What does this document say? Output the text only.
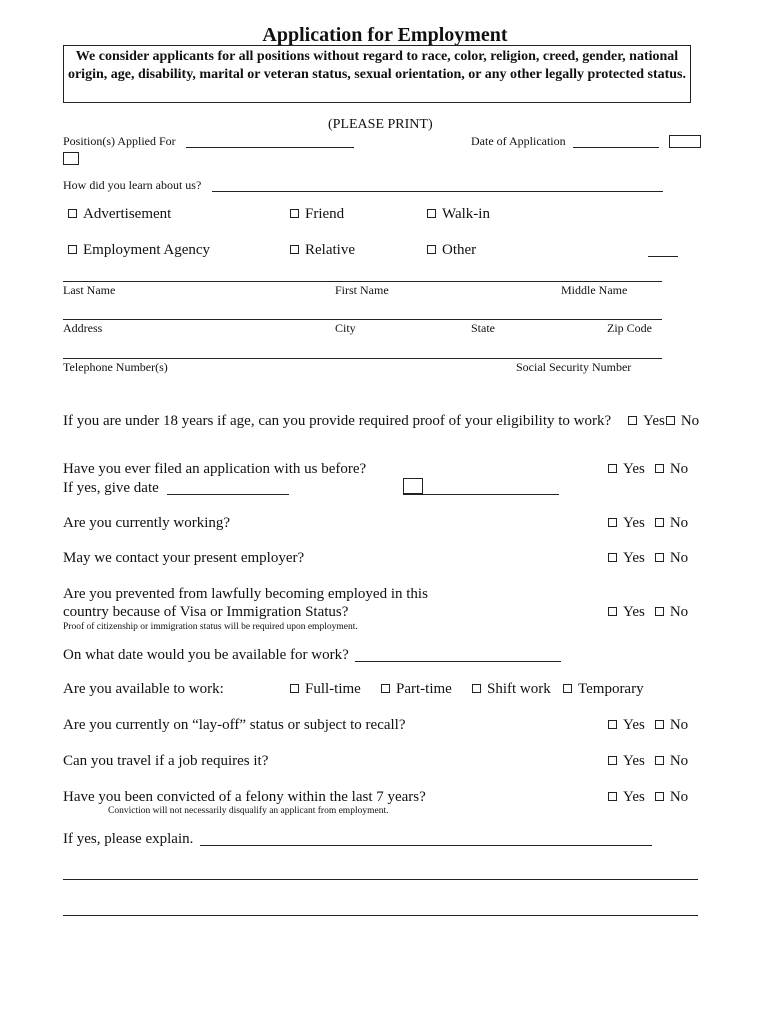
Application for Employment
We consider applicants for all positions without regard to race, color, religion, creed, gender, national origin, age, disability, marital or veteran status, sexual orientation, or any other legally protected status.
(PLEASE PRINT)
Position(s) Applied For	Date of Application
How did you learn about us?
Advertisement	Friend	Walk-in
Employment Agency	Relative	Other
Last Name	First Name	Middle Name
Address	City	State	Zip Code
Telephone Number(s)	Social Security Number
If you are under 18 years if age, can you provide required proof of your eligibility to work?	Yes No
Have you ever filed an application with us before?
If yes, give date
Yes No
Are you currently working?	Yes No
May we contact your present employer?	Yes No
Are you prevented from lawfully becoming employed in this
country because of Visa or Immigration Status?
Proof of citizenship or immigration status will be required upon employment.
Yes No
On what date would you be available for work?
Are you available to work:	Full-time	Part-time	Shift work	Temporary
Are you currently on “lay-off” status or subject to recall?	Yes No
Can you travel if a job requires it?	Yes No
Have you been convicted of a felony within the last 7 years?
Conviction will not necessarily disqualify an applicant from employment.
Yes No
If yes, please explain.
